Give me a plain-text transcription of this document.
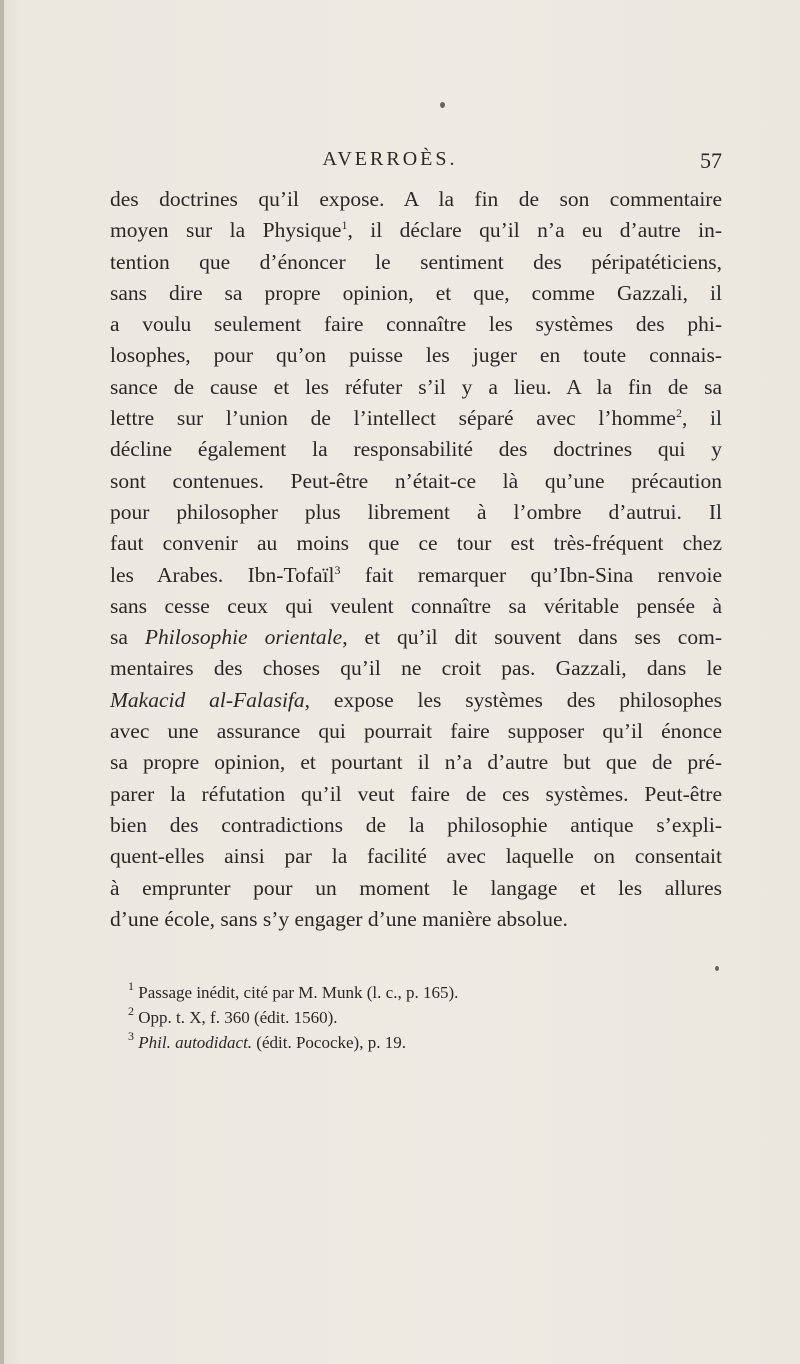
AVERROÈS.	57
des doctrines qu’il expose. A la fin de son commentaire
moyen sur la Physique$^1$, il déclare qu’il n’a eu d’autre in-
tention que d’énoncer le sentiment des péripatéticiens,
sans dire sa propre opinion, et que, comme Gazzali, il
a voulu seulement faire connaître les systèmes des phi-
losophes, pour qu’on puisse les juger en toute connais-
sance de cause et les réfuter s’il y a lieu. A la fin de sa
lettre sur l’union de l’intellect séparé avec l’homme$^2$, il
décline également la responsabilité des doctrines qui y
sont contenues. Peut-être n’était-ce là qu’une précaution
pour philosopher plus librement à l’ombre d’autrui. Il
faut convenir au moins que ce tour est très-fréquent chez
les Arabes. Ibn-Tofaïl$^3$ fait remarquer qu’Ibn-Sina renvoie
sans cesse ceux qui veulent connaître sa véritable pensée à
sa Philosophie orientale, et qu’il dit souvent dans ses com-
mentaires des choses qu’il ne croit pas. Gazzali, dans le
Makacid al-Falasifa, expose les systèmes des philosophes
avec une assurance qui pourrait faire supposer qu’il énonce
sa propre opinion, et pourtant il n’a d’autre but que de pré-
parer la réfutation qu’il veut faire de ces systèmes. Peut-être
bien des contradictions de la philosophie antique s’expli-
quent-elles ainsi par la facilité avec laquelle on consentait
à emprunter pour un moment le langage et les allures
d’une école, sans s’y engager d’une manière absolue.
$^1$ Passage inédit, cité par M. Munk (l. c., p. 165).
$^2$ Opp. t. X, f. 360 (édit. 1560).
$^3$ Phil. autodidact. (édit. Pococke), p. 19.
